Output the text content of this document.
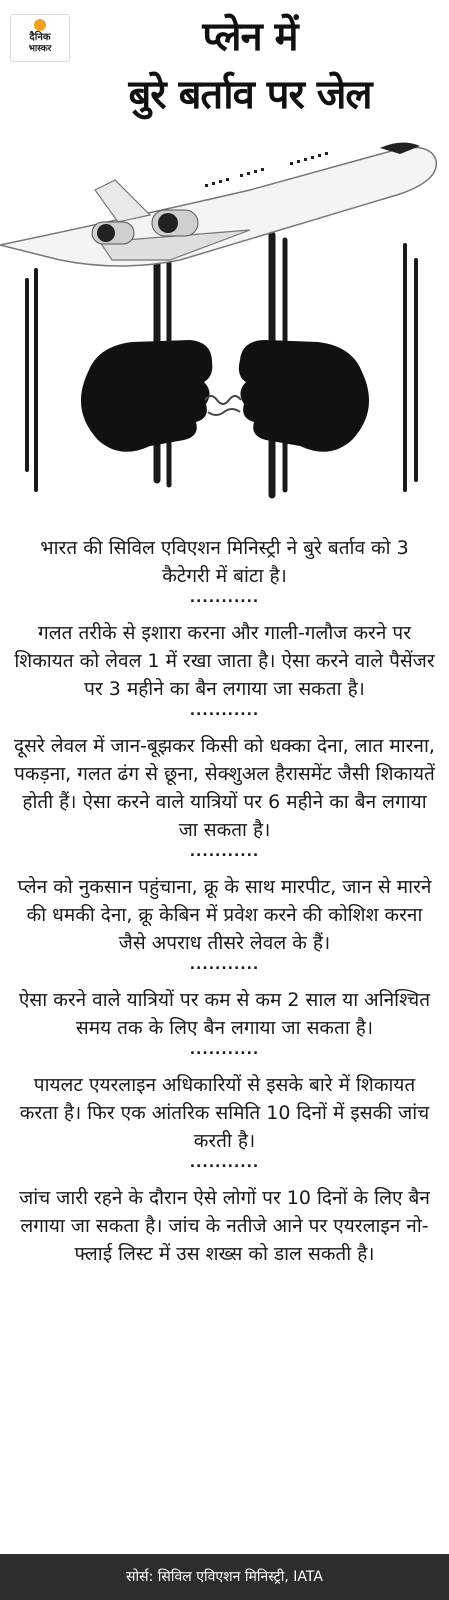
दैनिक
भास्कर	प्लेन में
बुरे बर्ताव पर जेल

भारत की सिविल एविएशन मिनिस्ट्री ने बुरे बर्ताव को 3 कैटेगरी में बांटा है।

...........

गलत तरीके से इशारा करना और गाली-गलौज करने पर शिकायत को लेवल 1 में रखा जाता है। ऐसा करने वाले पैसेंजर पर 3 महीने का बैन लगाया जा सकता है।

...........

दूसरे लेवल में जान-बूझकर किसी को धक्का देना, लात मारना, पकड़ना, गलत ढंग से छूना, सेक्शुअल हैरासमेंट जैसी शिकायतें होती हैं। ऐसा करने वाले यात्रियों पर 6 महीने का बैन लगाया जा सकता है।

...........

प्लेन को नुकसान पहुंचाना, क्रू के साथ मारपीट, जान से मारने की धमकी देना, क्रू केबिन में प्रवेश करने की कोशिश करना जैसे अपराध तीसरे लेवल के हैं।

...........

ऐसा करने वाले यात्रियों पर कम से कम 2 साल या अनिश्चित समय तक के लिए बैन लगाया जा सकता है।

...........

पायलट एयरलाइन अधिकारियों से इसके बारे में शिकायत करता है। फिर एक आंतरिक समिति 10 दिनों में इसकी जांच करती है।

...........

जांच जारी रहने के दौरान ऐसे लोगों पर 10 दिनों के लिए बैन लगाया जा सकता है। जांच के नतीजे आने पर एयरलाइन नो-फ्लाई लिस्ट में उस शख्स को डाल सकती है।

सोर्स: सिविल एविएशन मिनिस्ट्री, IATA
